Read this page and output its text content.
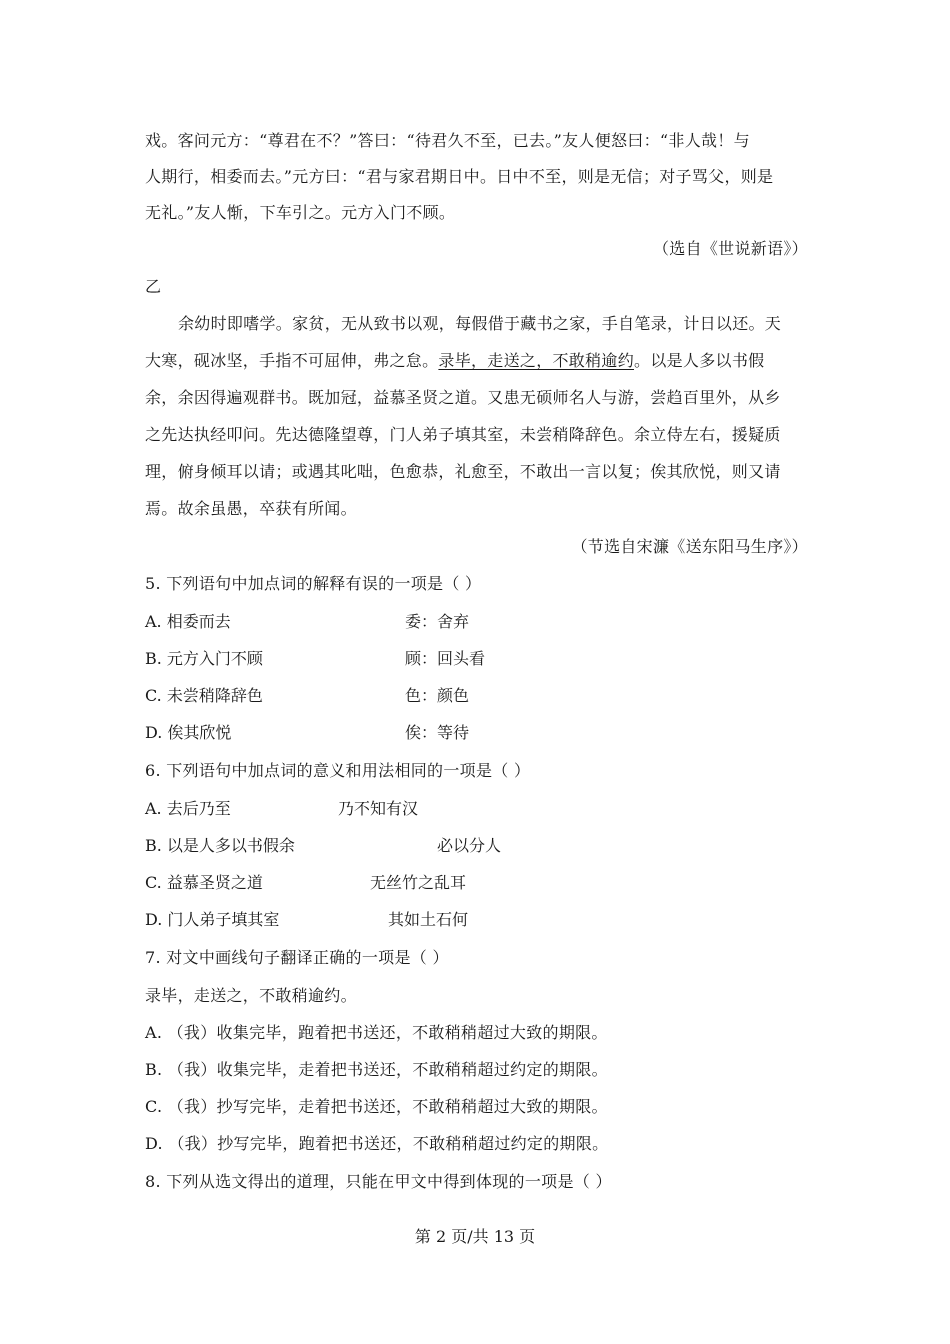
戏。客问元方：“尊君在不？”答曰：“待君久不至，已去。”友人便怒曰：“非人哉！与
人期行，相委而去。”元方曰：“君与家君期日中。日中不至，则是无信；对子骂父，则是
无礼。”友人惭，下车引之。元方入门不顾。
（选自《世说新语》）
乙
余幼时即嗜学。家贫，无从致书以观，每假借于藏书之家，手自笔录，计日以还。天
大寒，砚冰坚，手指不可屈伸，弗之怠。录毕，走送之，不敢稍逾约。以是人多以书假
余，余因得遍观群书。既加冠，益慕圣贤之道。又患无硕师名人与游，尝趋百里外，从乡
之先达执经叩问。先达德隆望尊，门人弟子填其室，未尝稍降辞色。余立侍左右，援疑质
理，俯身倾耳以请；或遇其叱咄，色愈恭，礼愈至，不敢出一言以复；俟其欣悦，则又请
焉。故余虽愚，卒获有所闻。
（节选自宋濂《送东阳马生序》）
5. 下列语句中加点词的解释有误的一项是（ ）
A. 相委而去	委：舍弃
B. 元方入门不顾	顾：回头看
C. 未尝稍降辞色	色：颜色
D. 俟其欣悦	俟：等待
6. 下列语句中加点词的意义和用法相同的一项是（ ）
A. 去后乃至	乃不知有汉
B. 以是人多以书假余	必以分人
C. 益慕圣贤之道	无丝竹之乱耳
D. 门人弟子填其室	其如土石何
7. 对文中画线句子翻译正确的一项是（ ）
录毕，走送之，不敢稍逾约。
A. （我）收集完毕，跑着把书送还，不敢稍稍超过大致的期限。
B. （我）收集完毕，走着把书送还，不敢稍稍超过约定的期限。
C. （我）抄写完毕，走着把书送还，不敢稍稍超过大致的期限。
D. （我）抄写完毕，跑着把书送还，不敢稍稍超过约定的期限。
8. 下列从选文得出的道理，只能在甲文中得到体现的一项是（ ）
第 2 页/共 13 页
